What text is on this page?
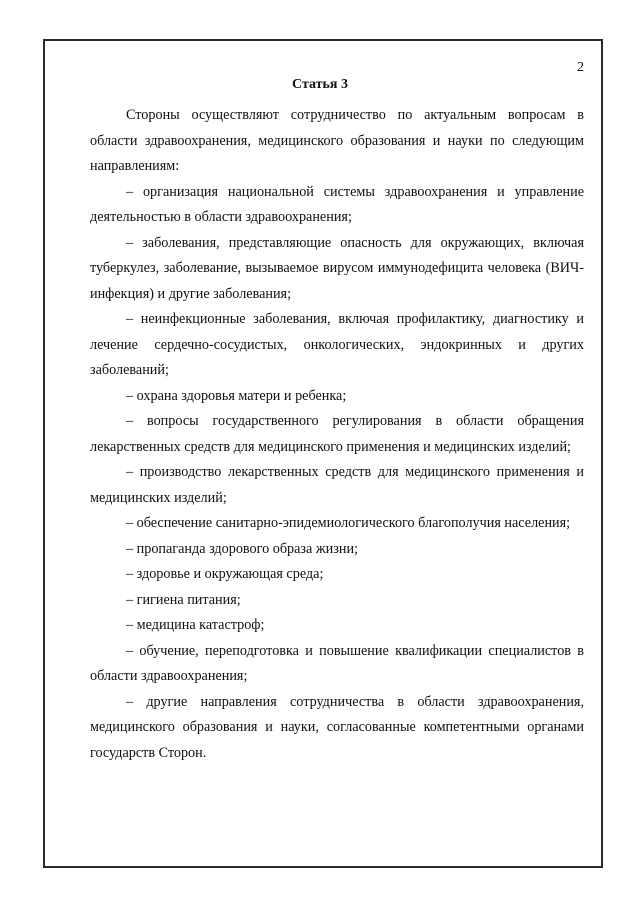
2
Статья 3

Стороны осуществляют сотрудничество по актуальным вопросам в области здравоохранения, медицинского образования и науки по следующим направлениям:

– организация национальной системы здравоохранения и управление деятельностью в области здравоохранения;

– заболевания, представляющие опасность для окружающих, включая туберкулез, заболевание, вызываемое вирусом иммунодефицита человека (ВИЧ-инфекция) и другие заболевания;

– неинфекционные заболевания, включая профилактику, диагностику и лечение сердечно-сосудистых, онкологических, эндокринных и других заболеваний;

– охрана здоровья матери и ребенка;

– вопросы государственного регулирования в области обращения лекарственных средств для медицинского применения и медицинских изделий;

– производство лекарственных средств для медицинского применения и медицинских изделий;

– обеспечение санитарно-эпидемиологического благополучия населения;

– пропаганда здорового образа жизни;

– здоровье и окружающая среда;

– гигиена питания;

– медицина катастроф;

– обучение, переподготовка и повышение квалификации специалистов в области здравоохранения;

– другие направления сотрудничества в области здравоохранения, медицинского образования и науки, согласованные компетентными органами государств Сторон.
